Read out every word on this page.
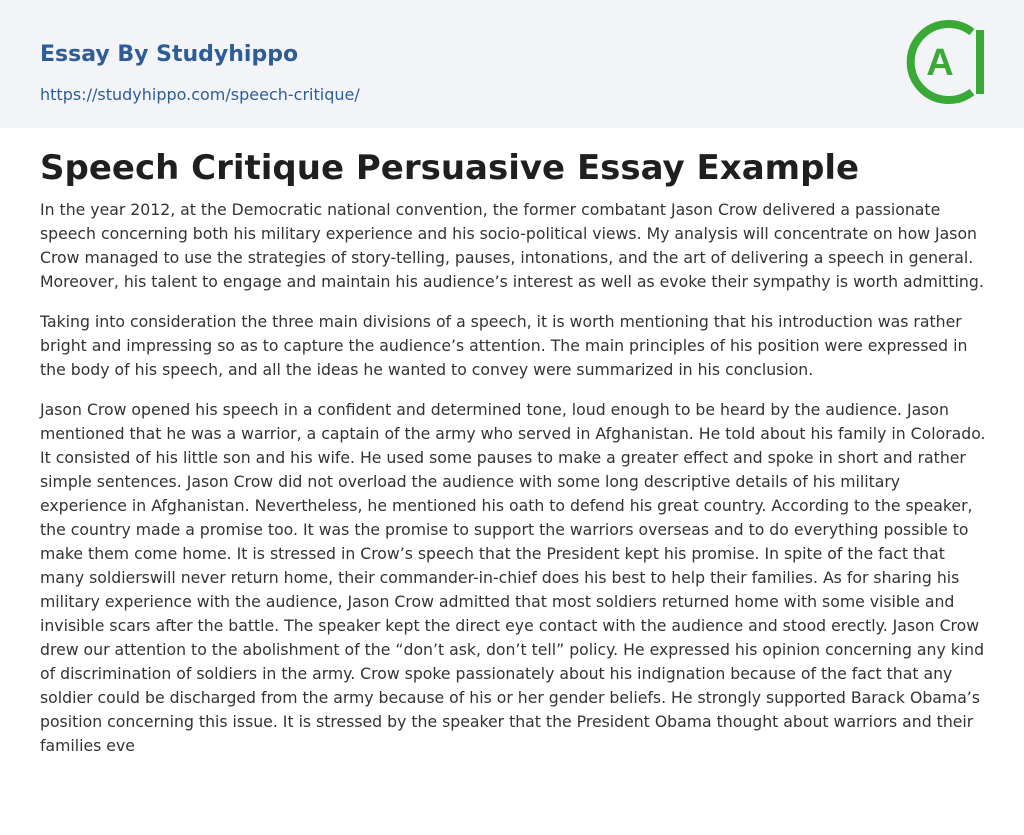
Essay By Studyhippo
https://studyhippo.com/speech-critique/
A
Speech Critique Persuasive Essay Example

In the year 2012, at the Democratic national convention, the former combatant Jason Crow delivered a passionate speech concerning both his military experience and his socio-political views. My analysis will concentrate on how Jason Crow managed to use the strategies of story-telling, pauses, intonations, and the art of delivering a speech in general. Moreover, his talent to engage and maintain his audience’s interest as well as evoke their sympathy is worth admitting.

Taking into consideration the three main divisions of a speech, it is worth mentioning that his introduction was rather bright and impressing so as to capture the audience’s attention. The main principles of his position were expressed in the body of his speech, and all the ideas he wanted to convey were summarized in his conclusion.

Jason Crow opened his speech in a confident and determined tone, loud enough to be heard by the audience. Jason mentioned that he was a warrior, a captain of the army who served in Afghanistan. He told about his family in Colorado. It consisted of his little son and his wife. He used some pauses to make a greater effect and spoke in short and rather simple sentences. Jason Crow did not overload the audience with some long descriptive details of his military experience in Afghanistan. Nevertheless, he mentioned his oath to defend his great country. According to the speaker, the country made a promise too. It was the promise to support the warriors overseas and to do everything possible to make them come home. It is stressed in Crow’s speech that the President kept his promise. In spite of the fact that many soldierswill never return home, their commander-in-chief does his best to help their families. As for sharing his military experience with the audience, Jason Crow admitted that most soldiers returned home with some visible and invisible scars after the battle. The speaker kept the direct eye contact with the audience and stood erectly. Jason Crow drew our attention to the abolishment of the “don’t ask, don’t tell” policy. He expressed his opinion concerning any kind of discrimination of soldiers in the army. Crow spoke passionately about his indignation because of the fact that any soldier could be discharged from the army because of his or her gender beliefs. He strongly supported Barack Obama’s position concerning this issue. It is stressed by the speaker that the President Obama thought about warriors and their families eve
